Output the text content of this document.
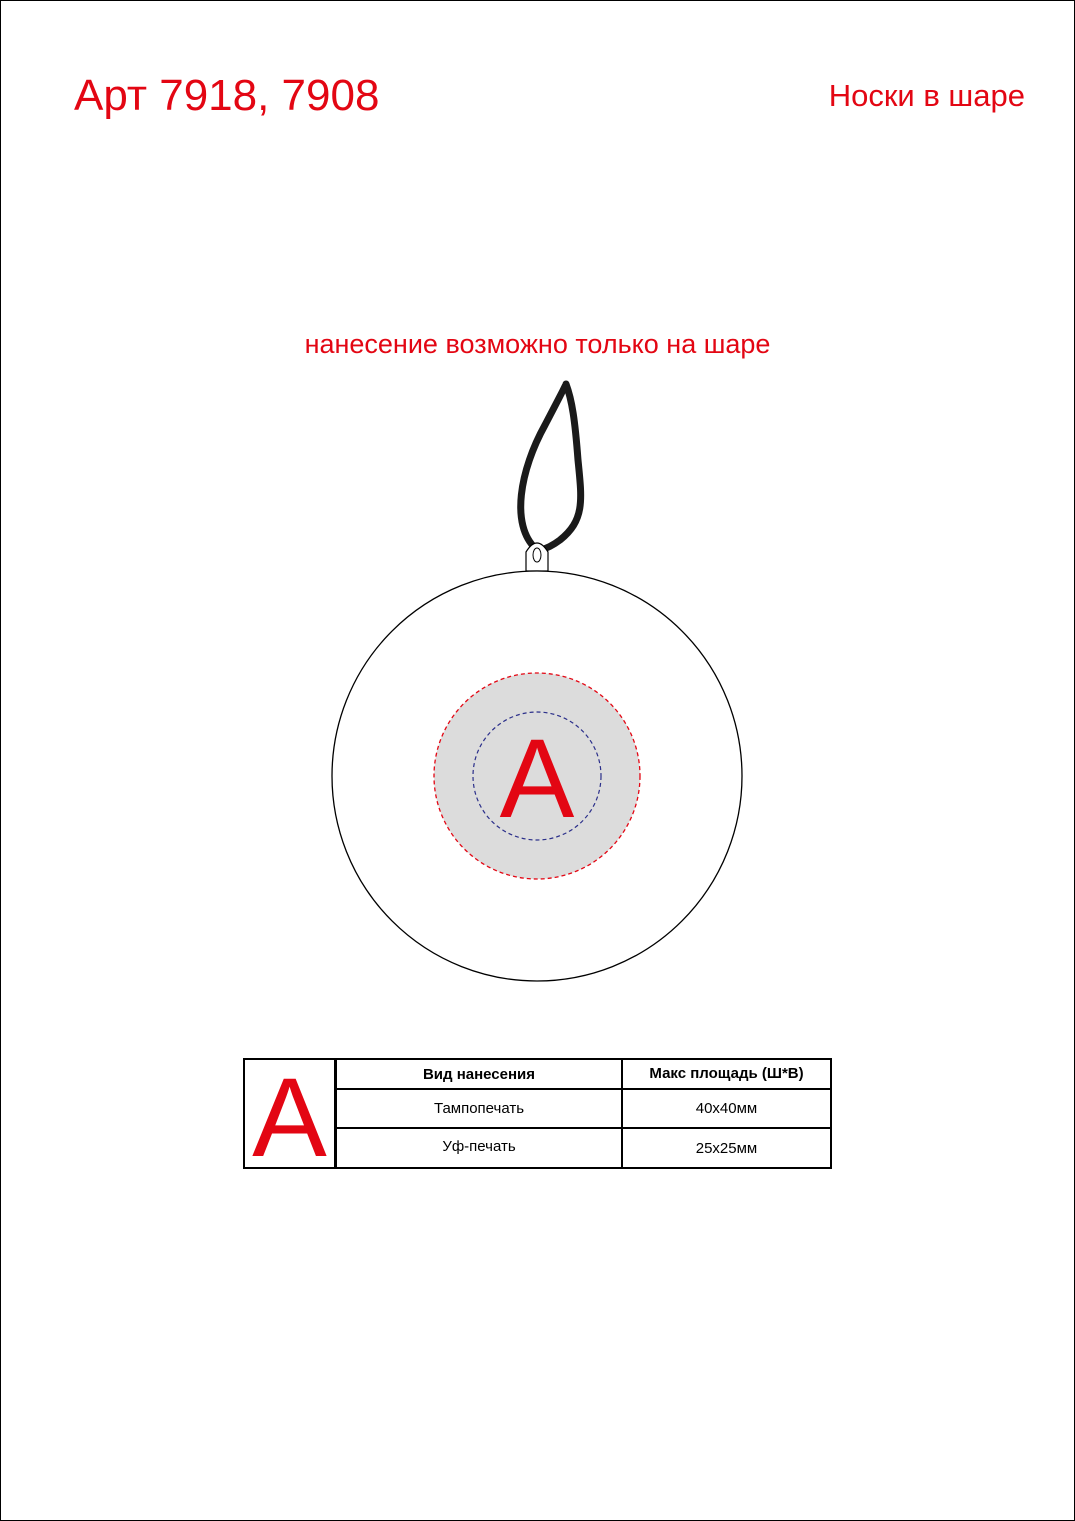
Арт 7918, 7908	Носки в шаре
нанесение возможно только на шаре
A
A	Вид нанесения	Макс площадь (Ш*В)
Тампопечать	40х40мм
Уф-печать	25х25мм
